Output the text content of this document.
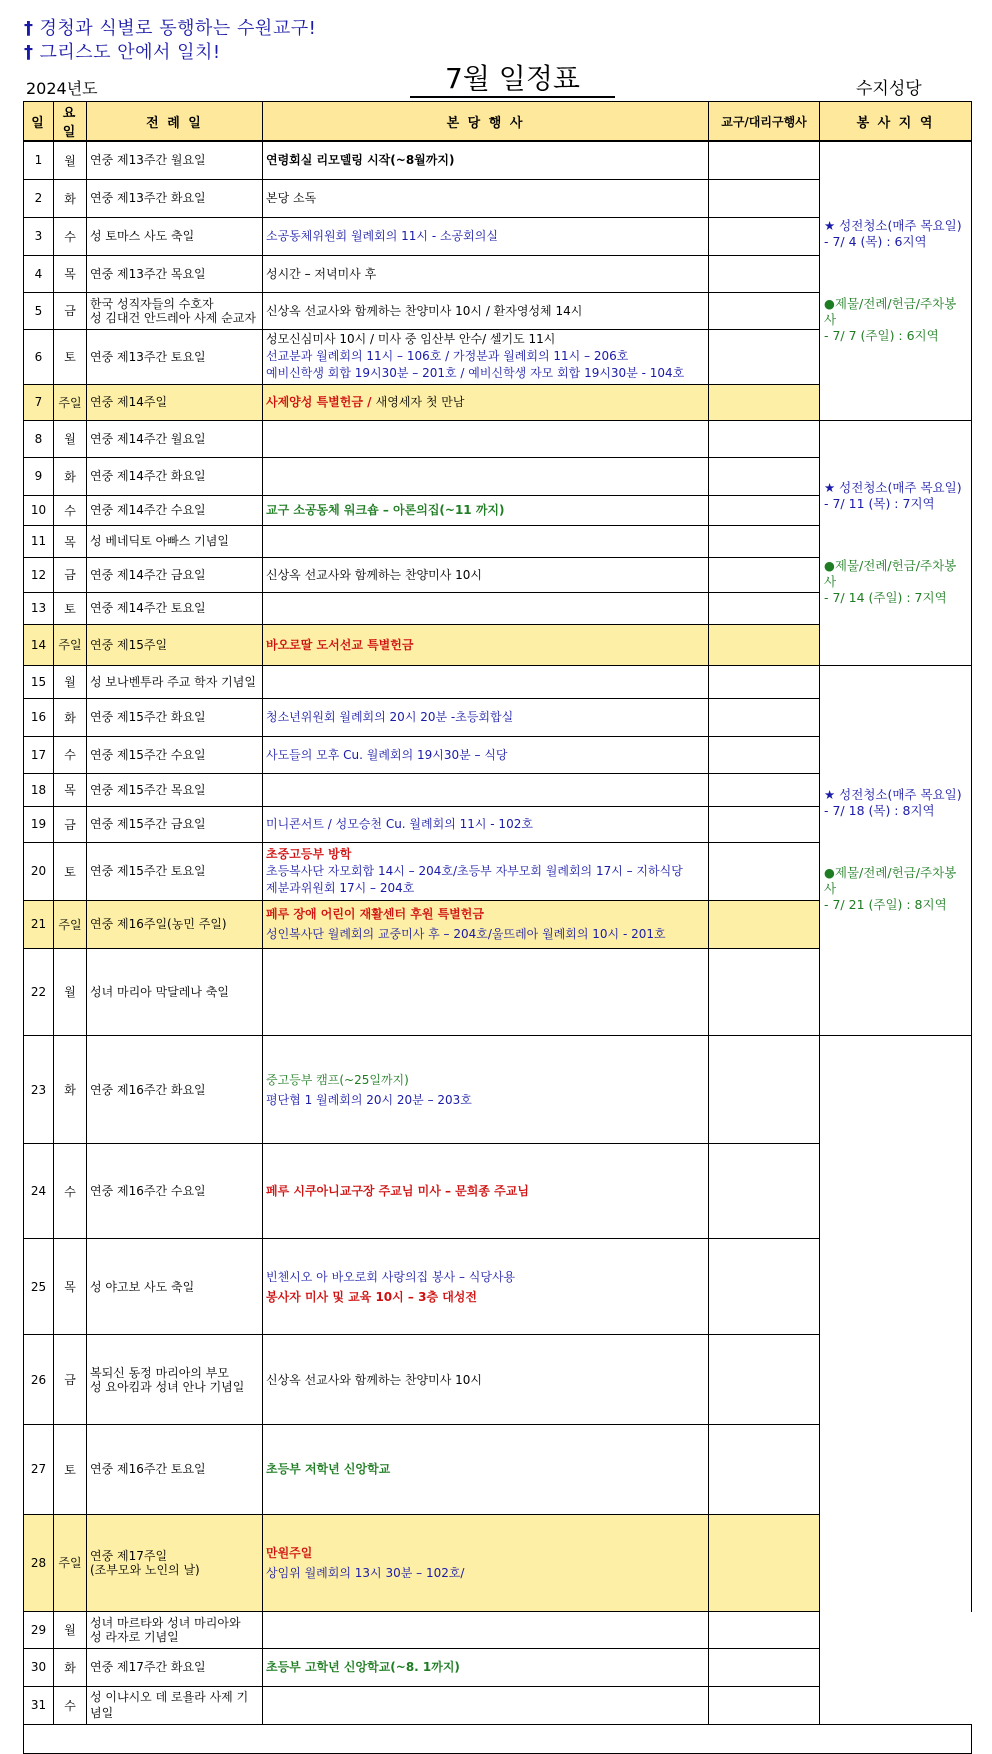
† 경청과 식별로 동행하는 수원교구!
† 그리스도 안에서 일치!
2024년도	7월 일정표	수지성당
일	요일	전 례 일	본 당 행 사	교구/대리구행사	봉 사 지 역	
1	월	연중 제13주간 월요일	연령회실 리모델링 시작(~8월까지)		★ 성전청소(매주 목요일)
- 7/ 4 (목) : 6지역
●제물/전례/헌금/주차봉사
- 7/ 7 (주일) : 6지역	

2	화	연중 제13주간 화요일	본당 소독			

3	수	성 토마스 사도 축일	소공동체위원회 월례회의 11시 - 소공회의실			

4	목	연중 제13주간 목요일	성시간 – 저녁미사 후			

5	금	한국 성직자들의 수호자
성 김대건 안드레아 사제 순교자	신상옥 선교사와 함께하는 찬양미사 10시 / 환자영성체 14시			

6	토	연중 제13주간 토요일	성모신심미사 10시 / 미사 중 임산부 안수/ 셀기도 11시
선교분과 월례회의 11시 – 106호 / 가정분과 월례회의 11시 – 206호
예비신학생 회합 19시30분 – 201호 / 예비신학생 자모 회합 19시30분 - 104호			

7	주일	연중 제14주일	사제양성 특별헌금 / 새영세자 첫 만남			

8	월	연중 제14주간 월요일			★ 성전청소(매주 목요일)
- 7/ 11 (목) : 7지역
●제물/전례/헌금/주차봉사
- 7/ 14 (주일) : 7지역	

9	화	연중 제14주간 화요일				

10	수	연중 제14주간 수요일	교구 소공동체 워크숍 – 아론의집(~11 까지)			

11	목	성 베네딕토 아빠스 기념일				

12	금	연중 제14주간 금요일	신상옥 선교사와 함께하는 찬양미사 10시			

13	토	연중 제14주간 토요일				

14	주일	연중 제15주일	바오로딸 도서선교 특별헌금			

15	월	성 보나벤투라 주교 학자 기념일			★ 성전청소(매주 목요일)
- 7/ 18 (목) : 8지역
●제물/전례/헌금/주차봉사
- 7/ 21 (주일) : 8지역	

16	화	연중 제15주간 화요일	청소년위원회 월례회의 20시 20분 -초등회합실			

17	수	연중 제15주간 수요일	사도들의 모후 Cu. 월례회의 19시30분 – 식당			

18	목	연중 제15주간 목요일				

19	금	연중 제15주간 금요일	미니콘서트 / 성모승천 Cu. 월례회의 11시 - 102호			

20	토	연중 제15주간 토요일	초중고등부 방학
초등복사단 자모회합 14시 – 204호/초등부 자부모회 월례회의 17시 – 지하식당
제분과위원회 17시 – 204호			

21	주일	연중 제16주일(농민 주일)	페루 장애 어린이 재활센터 후원 특별헌금
성인복사단 월례회의 교중미사 후 – 204호/울뜨레아 월례회의 10시 - 201호			

22	월	성녀 마리아 막달레나 축일

23	화	연중 제16주간 화요일	중고등부 캠프(~25일까지)
평단협 1 월례회의 20시 20분 – 203호			

24	수	연중 제16주간 수요일	페루 시쿠아니교구장 주교님 미사 – 문희종 주교님			

25	목	성 야고보 사도 축일	빈첸시오 아 바오로회 사랑의집 봉사 – 식당사용
봉사자 미사 및 교육 10시 – 3층 대성전			

26	금	복되신 동정 마리아의 부모
성 요아킴과 성녀 안나 기념일	신상옥 선교사와 함께하는 찬양미사 10시			

27	토	연중 제16주간 토요일	초등부 저학년 신앙학교			

28	주일	연중 제17주일
(조부모와 노인의 날)	만원주일
상임위 월례회의 13시 30분 – 102호/			

29	월	성녀 마르타와 성녀 마리아와
성 라자로 기념일				

30	화	연중 제17주간 화요일	초등부 고학년 신앙학교(~8. 1까지)			

31	수	성 이냐시오 데 로욜라 사제 기념일				
